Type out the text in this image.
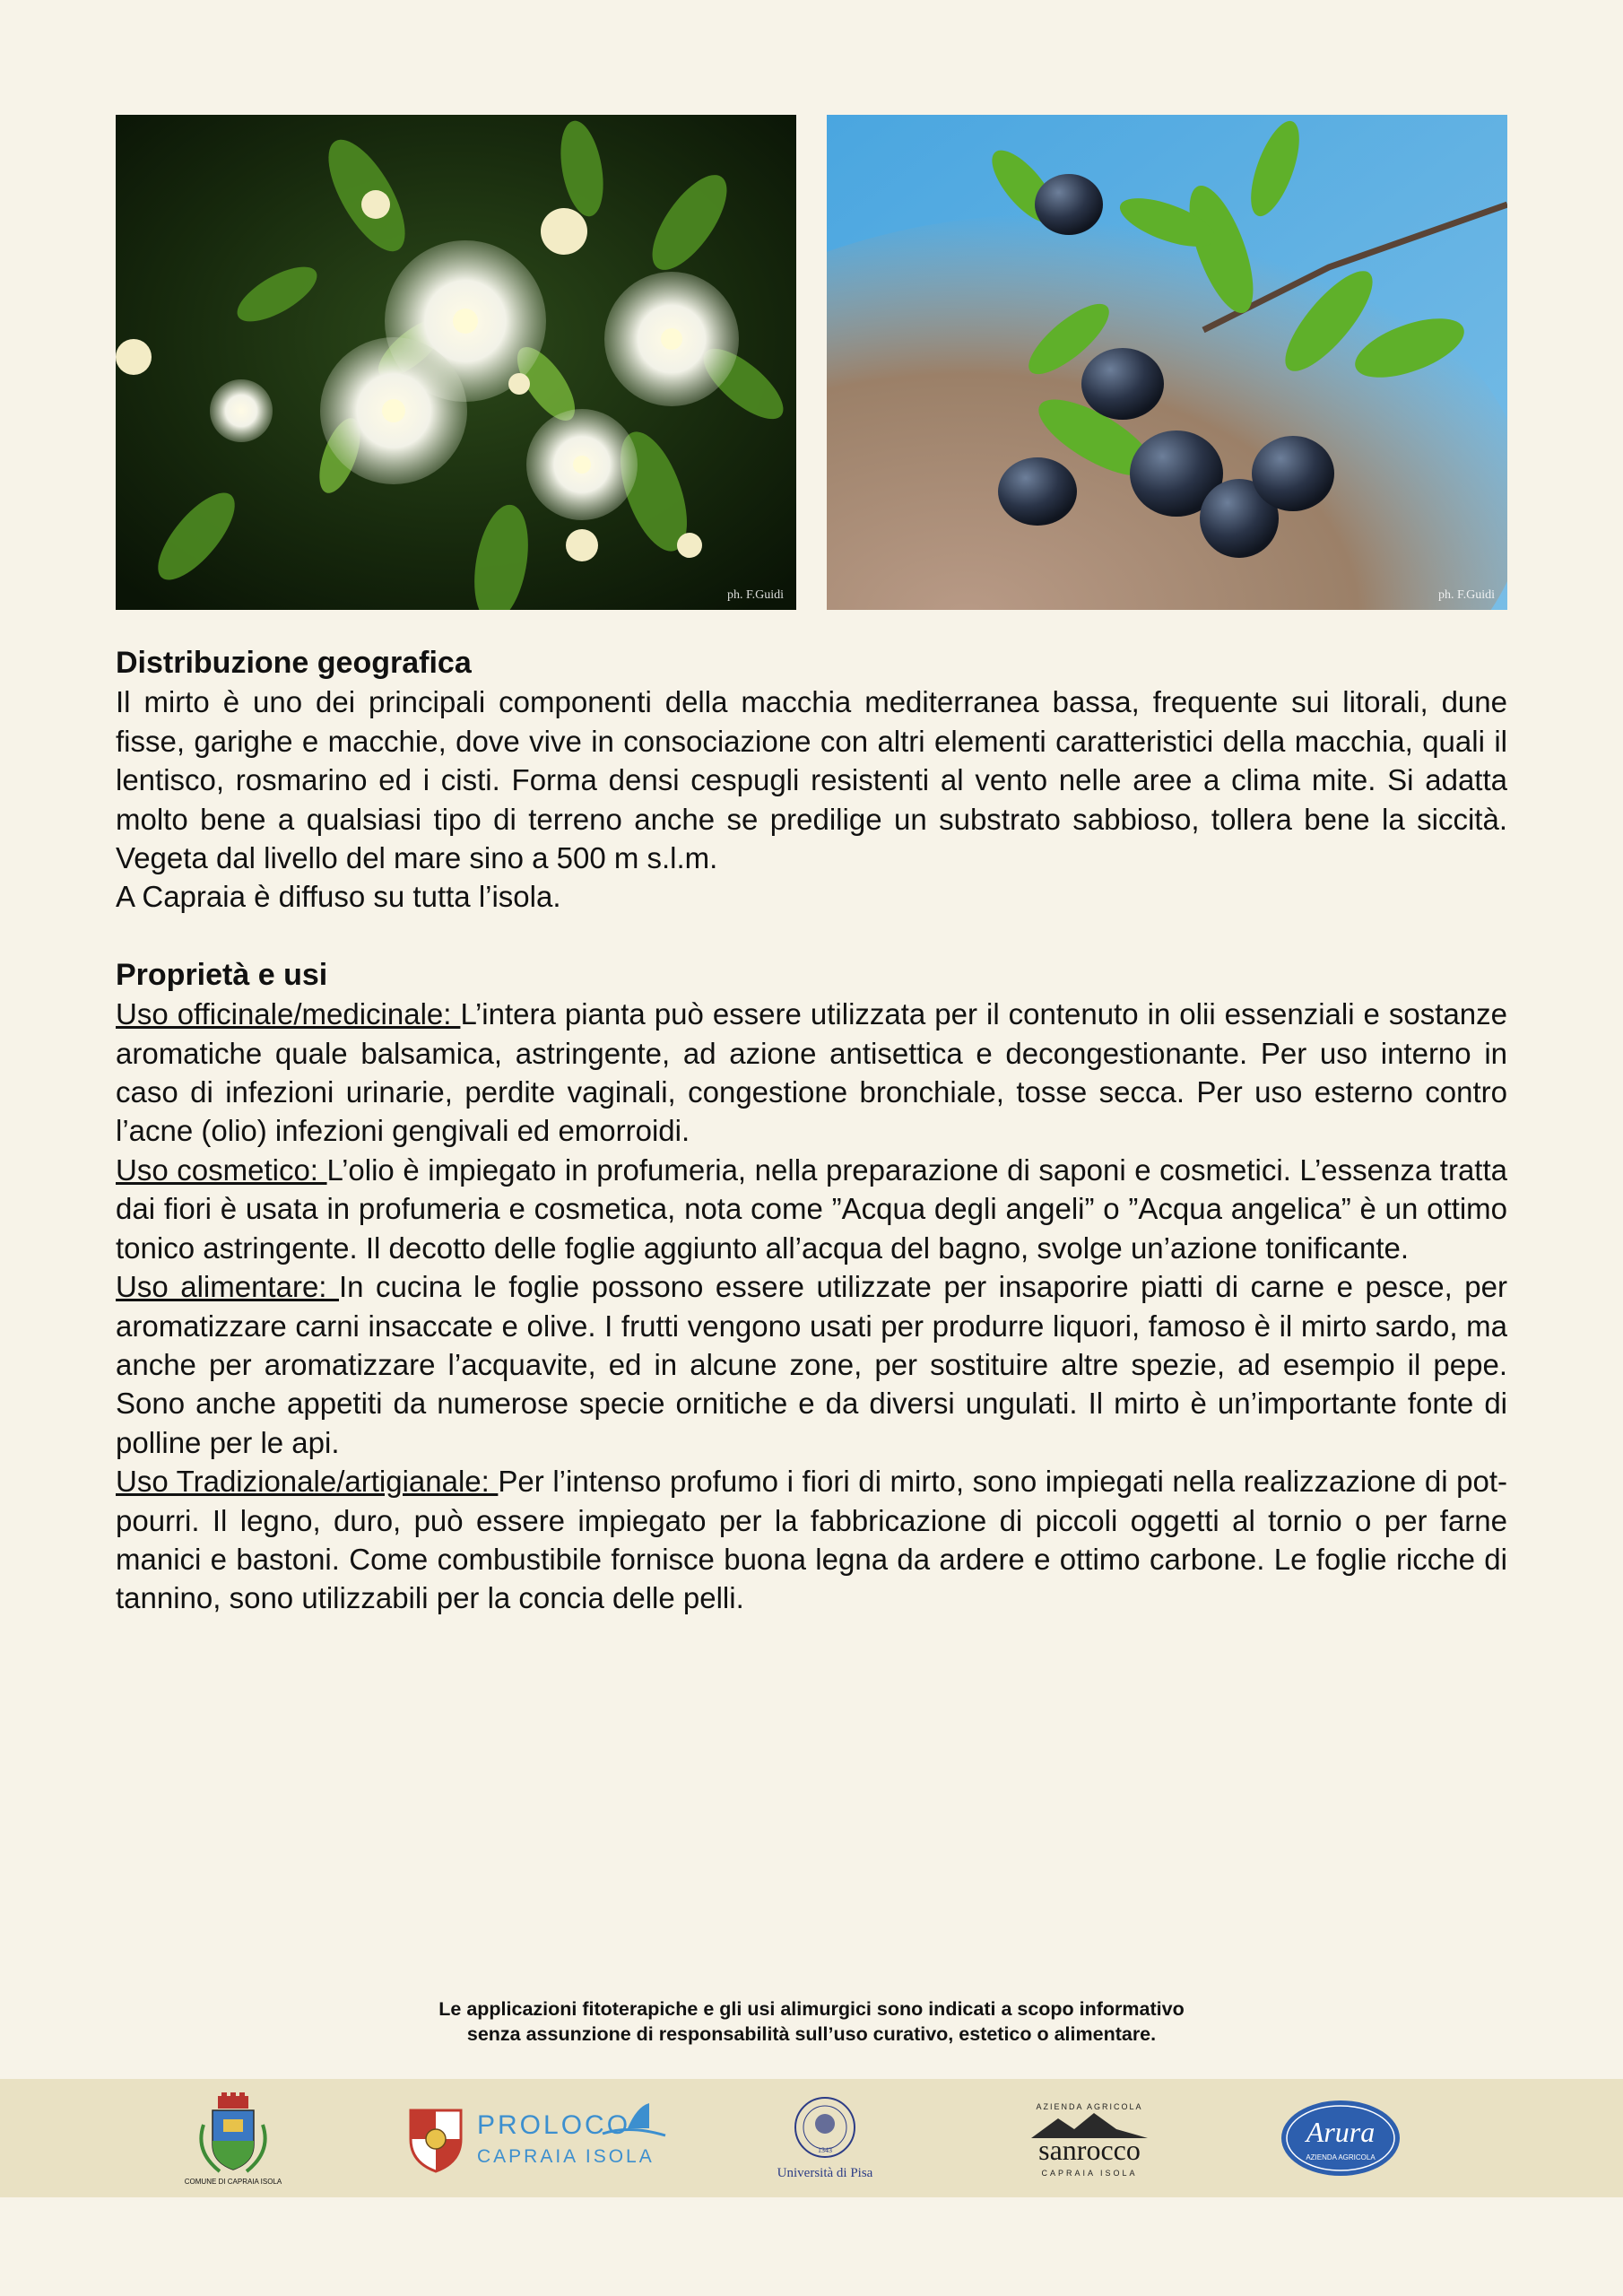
ph. F.Guidi	ph. F.Guidi
Distribuzione geografica

Il mirto è uno dei principali componenti della macchia mediterranea bassa, frequente sui litorali, dune fisse, garighe e macchie, dove vive in consociazione con altri elementi caratteristici della macchia, quali il lentisco, rosmarino ed i cisti. Forma densi cespugli resistenti al vento nelle aree a clima mite. Si adatta molto bene a qualsiasi tipo di terreno anche se predilige un substrato sabbioso, tollera bene la siccità. Vegeta dal livello del mare sino a 500 m s.l.m.

A Capraia è diffuso su tutta l’isola.

Proprietà e usi

Uso officinale/medicinale: L’intera pianta può essere utilizzata per il contenuto in olii essenziali e sostanze aromatiche quale balsamica, astringente, ad azione antisettica e decongestionante. Per uso interno in caso di infezioni urinarie, perdite vaginali, congestione bronchiale, tosse secca. Per uso esterno contro l’acne (olio) infezioni gengivali ed emorroidi.

Uso cosmetico: L’olio è impiegato in profumeria, nella preparazione di saponi e cosmetici. L’essenza tratta dai fiori è usata in profumeria e cosmetica, nota come ”Acqua degli angeli” o ”Acqua angelica” è un ottimo tonico astringente. Il decotto delle foglie aggiunto all’acqua del bagno, svolge un’azione tonificante.

Uso alimentare: In cucina le foglie possono essere utilizzate per insaporire piatti di carne e pesce, per aromatizzare carni insaccate e olive. I frutti vengono usati per produrre liquori, famoso è il mirto sardo, ma anche per aromatizzare l’acquavite, ed in alcune zone, per sostituire altre spezie, ad esempio il pepe. Sono anche appetiti da numerose specie ornitiche e da diversi ungulati. Il mirto è un’importante fonte di polline per le api.

Uso Tradizionale/artigianale: Per l’intenso profumo i fiori di mirto, sono impiegati nella realizzazione di pot-pourri. Il legno, duro, può essere impiegato per la fabbricazione di piccoli oggetti al tornio o per farne manici e bastoni. Come combustibile fornisce buona legna da ardere e ottimo carbone. Le foglie ricche di tannino, sono utilizzabili per la concia delle pelli.

Le applicazioni fitoterapiche e gli usi alimurgici sono indicati a scopo informativo
senza assunzione di responsabilità sull’uso curativo, estetico o alimentare.
COMUNE DI CAPRAIA ISOLA
PROLOCO
CAPRAIA ISOLA	1343
Università di Pisa
AZIENDA AGRICOLA
sanrocco
CAPRAIA ISOLA
Arura
AZIENDA AGRICOLA
